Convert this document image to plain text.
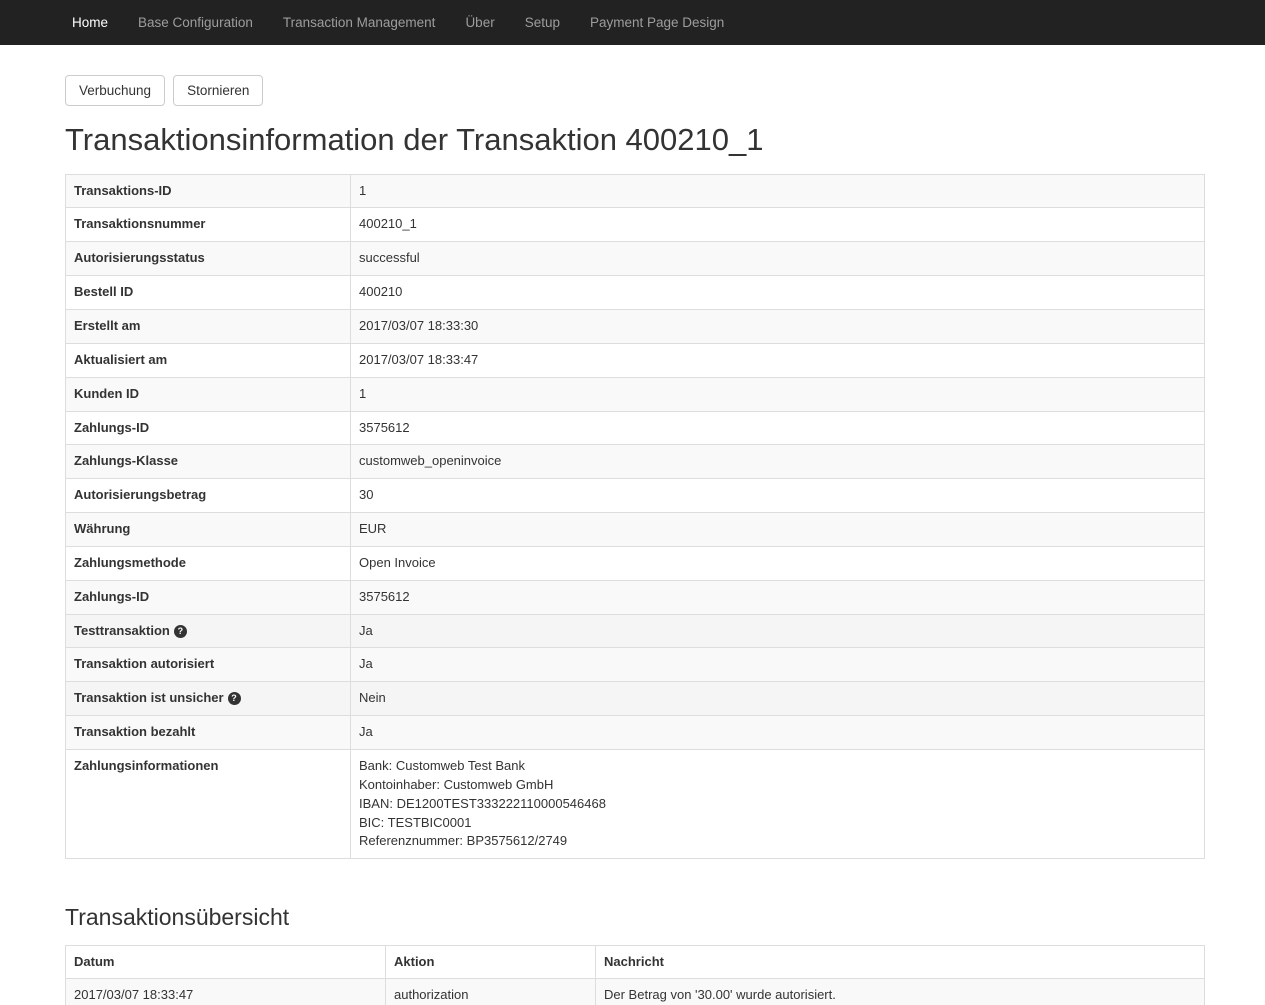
Home	Base Configuration	Transaction Management	Über	Setup	Payment Page Design
Verbuchung	Stornieren
Transaktionsinformation der Transaktion 400210_1
Transaktions-ID	1
Transaktionsnummer	400210_1
Autorisierungsstatus	successful
Bestell ID	400210
Erstellt am	2017/03/07 18:33:30
Aktualisiert am	2017/03/07 18:33:47
Kunden ID	1
Zahlungs-ID	3575612
Zahlungs-Klasse	customweb_openinvoice
Autorisierungsbetrag	30
Währung	EUR
Zahlungsmethode	Open Invoice
Zahlungs-ID	3575612
Testtransaktion ?	Ja
Transaktion autorisiert	Ja
Transaktion ist unsicher ?	Nein
Transaktion bezahlt	Ja
Zahlungsinformationen	Bank: Customweb Test Bank
Kontoinhaber: Customweb GmbH
IBAN: DE1200TEST333222110000546468
BIC: TESTBIC0001
Referenznummer: BP3575612/2749
Transaktionsübersicht
Datum	Aktion	Nachricht
2017/03/07 18:33:47	authorization	Der Betrag von '30.00' wurde autorisiert.
